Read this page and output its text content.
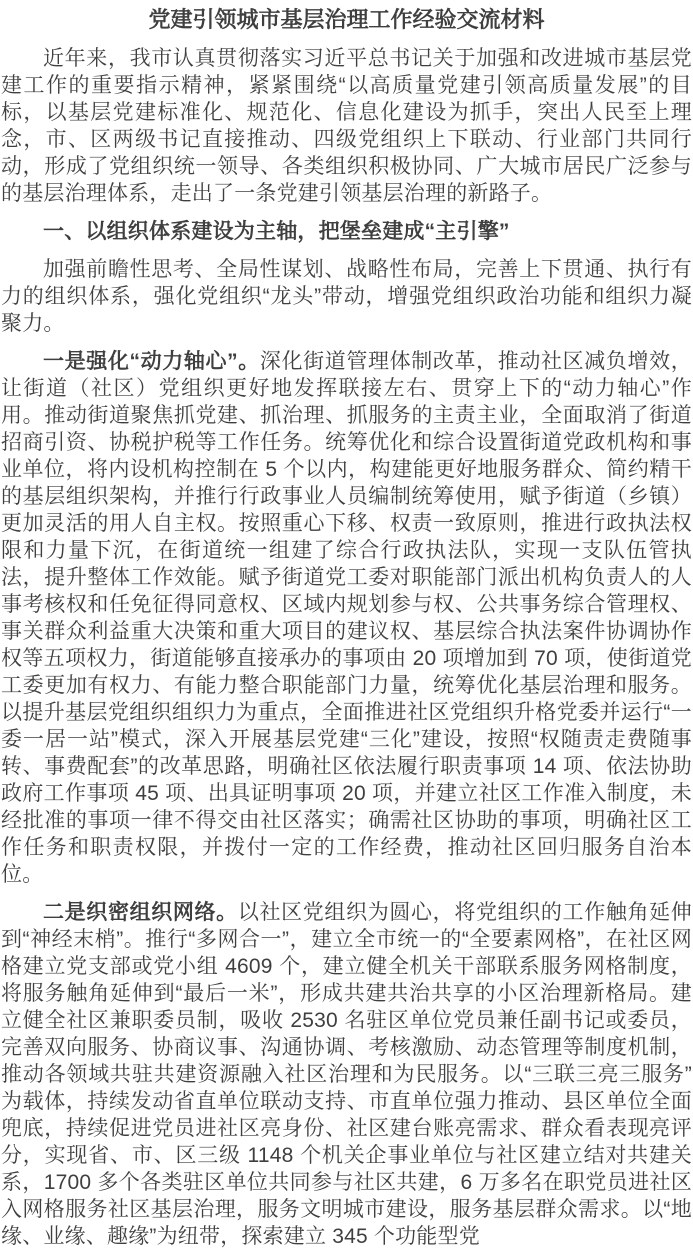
党建引领城市基层治理工作经验交流材料

近年来，我市认真贯彻落实习近平总书记关于加强和改进城市基层党建工作的重要指示精神，紧紧围绕“以高质量党建引领高质量发展”的目标，以基层党建标准化、规范化、信息化建设为抓手，突出人民至上理念，市、区两级书记直接推动、四级党组织上下联动、行业部门共同行动，形成了党组织统一领导、各类组织积极协同、广大城市居民广泛参与的基层治理体系，走出了一条党建引领基层治理的新路子。

一、以组织体系建设为主轴，把堡垒建成“主引擎”

加强前瞻性思考、全局性谋划、战略性布局，完善上下贯通、执行有力的组织体系，强化党组织“龙头”带动，增强党组织政治功能和组织力凝聚力。

一是强化“动力轴心”。深化街道管理体制改革，推动社区减负增效，让街道（社区）党组织更好地发挥联接左右、贯穿上下的“动力轴心”作用。推动街道聚焦抓党建、抓治理、抓服务的主责主业，全面取消了街道招商引资、协税护税等工作任务。统筹优化和综合设置街道党政机构和事业单位，将内设机构控制在 5 个以内，构建能更好地服务群众、简约精干的基层组织架构，并推行行政事业人员编制统筹使用，赋予街道（乡镇）更加灵活的用人自主权。按照重心下移、权责一致原则，推进行政执法权限和力量下沉，在街道统一组建了综合行政执法队，实现一支队伍管执法，提升整体工作效能。赋予街道党工委对职能部门派出机构负责人的人事考核权和任免征得同意权、区域内规划参与权、公共事务综合管理权、事关群众利益重大决策和重大项目的建议权、基层综合执法案件协调协作权等五项权力，街道能够直接承办的事项由 20 项增加到 70 项，使街道党工委更加有权力、有能力整合职能部门力量，统筹优化基层治理和服务。以提升基层党组织组织力为重点，全面推进社区党组织升格党委并运行“一委一居一站”模式，深入开展基层党建“三化”建设，按照“权随责走费随事转、事费配套”的改革思路，明确社区依法履行职责事项 14 项、依法协助政府工作事项 45 项、出具证明事项 20 项，并建立社区工作准入制度，未经批准的事项一律不得交由社区落实；确需社区协助的事项，明确社区工作任务和职责权限，并拨付一定的工作经费，推动社区回归服务自治本位。

二是织密组织网络。以社区党组织为圆心，将党组织的工作触角延伸到“神经末梢”。推行“多网合一”，建立全市统一的“全要素网格”，在社区网格建立党支部或党小组 4609 个，建立健全机关干部联系服务网格制度，将服务触角延伸到“最后一米”，形成共建共治共享的小区治理新格局。建立健全社区兼职委员制，吸收 2530 名驻区单位党员兼任副书记或委员，完善双向服务、协商议事、沟通协调、考核激励、动态管理等制度机制，推动各领域共驻共建资源融入社区治理和为民服务。以“三联三亮三服务”为载体，持续发动省直单位联动支持、市直单位强力推动、县区单位全面兜底，持续促进党员进社区亮身份、社区建台账亮需求、群众看表现亮评分，实现省、市、区三级 1148 个机关企事业单位与社区建立结对共建关系，1700 多个各类驻区单位共同参与社区共建，6 万多名在职党员进社区入网格服务社区基层治理，服务文明城市建设，服务基层群众需求。以“地缘、业缘、趣缘”为纽带，探索建立 345 个功能型党
